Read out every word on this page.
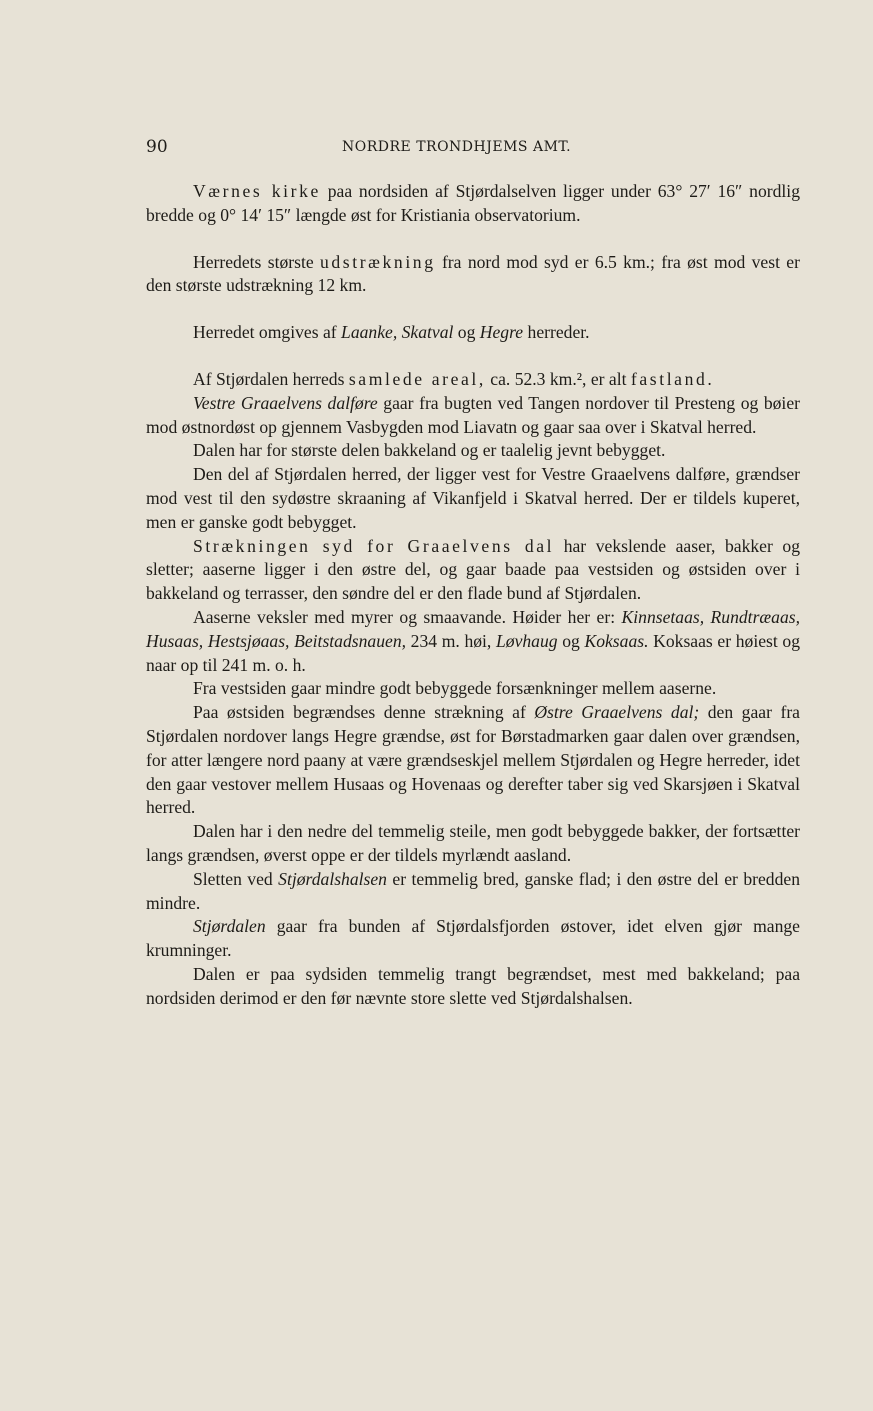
90	NORDRE TRONDHJEMS AMT.

Værnes kirke paa nordsiden af Stjørdalselven ligger under 63° 27′ 16″ nordlig bredde og 0° 14′ 15″ længde øst for Kristiania observatorium.

Herredets største udstrækning fra nord mod syd er 6.5 km.; fra øst mod vest er den største udstrækning 12 km.

Herredet omgives af Laanke, Skatval og Hegre herreder.

Af Stjørdalen herreds samlede areal, ca. 52.3 km.², er alt fastland.

Vestre Graaelvens dalføre gaar fra bugten ved Tangen nordover til Presteng og bøier mod østnordøst op gjennem Vasbygden mod Liavatn og gaar saa over i Skatval herred.

Dalen har for største delen bakkeland og er taalelig jevnt bebygget.

Den del af Stjørdalen herred, der ligger vest for Vestre Graaelvens dalføre, grændser mod vest til den sydøstre skraaning af Vikanfjeld i Skatval herred. Der er tildels kuperet, men er ganske godt bebygget.

Strækningen syd for Graaelvens dal har vekslende aaser, bakker og sletter; aaserne ligger i den østre del, og gaar baade paa vestsiden og østsiden over i bakkeland og terrasser, den søndre del er den flade bund af Stjørdalen.

Aaserne veksler med myrer og smaavande. Høider her er: Kinnsetaas, Rundtræaas, Husaas, Hestsjøaas, Beitstadsnauen, 234 m. høi, Løvhaug og Koksaas. Koksaas er høiest og naar op til 241 m. o. h.

Fra vestsiden gaar mindre godt bebyggede forsænkninger mellem aaserne.

Paa østsiden begrændses denne strækning af Østre Graaelvens dal; den gaar fra Stjørdalen nordover langs Hegre grændse, øst for Børstadmarken gaar dalen over grændsen, for atter længere nord paany at være grændseskjel mellem Stjørdalen og Hegre herreder, idet den gaar vestover mellem Husaas og Hovenaas og derefter taber sig ved Skarsjøen i Skatval herred.

Dalen har i den nedre del temmelig steile, men godt bebyggede bakker, der fortsætter langs grændsen, øverst oppe er der tildels myrlændt aasland.

Sletten ved Stjørdalshalsen er temmelig bred, ganske flad; i den østre del er bredden mindre.

Stjørdalen gaar fra bunden af Stjørdalsfjorden østover, idet elven gjør mange krumninger.

Dalen er paa sydsiden temmelig trangt begrændset, mest med bakkeland; paa nordsiden derimod er den før nævnte store slette ved Stjørdalshalsen.
